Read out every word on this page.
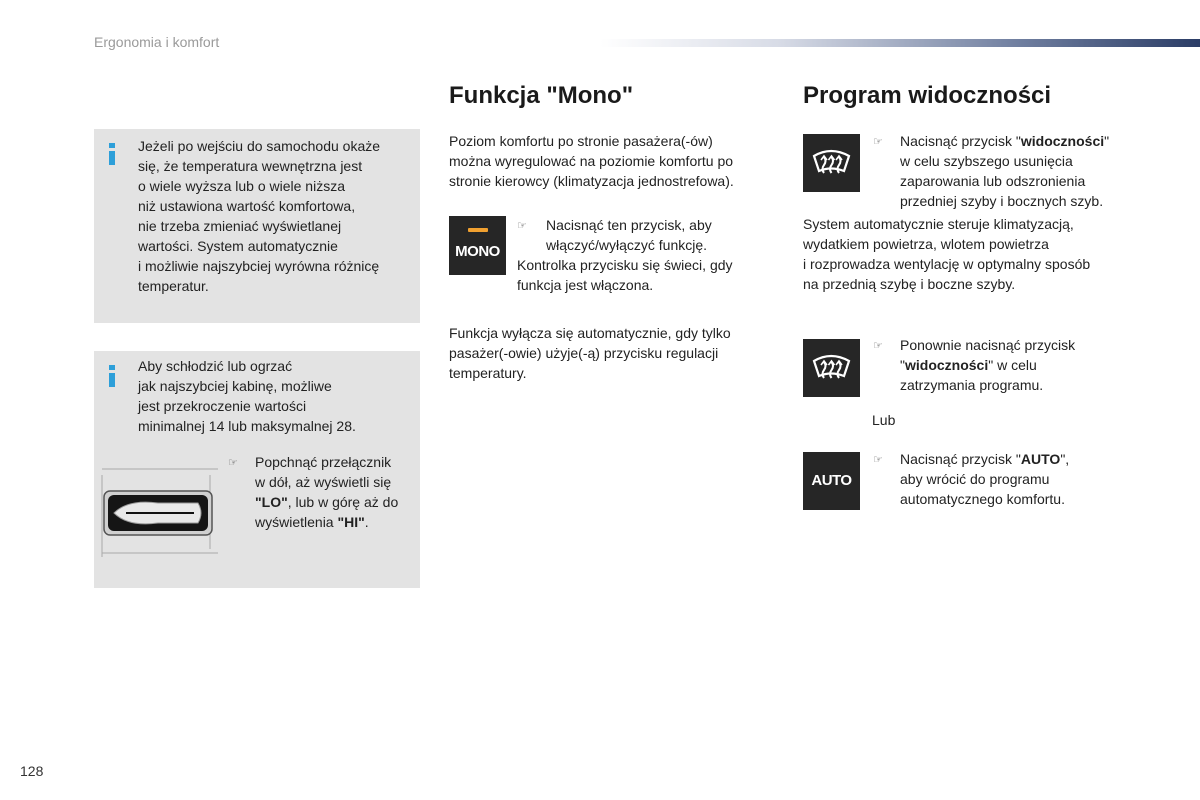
Ergonomia i komfort

Jeżeli po wejściu do samochodu okaże

się, że temperatura wewnętrzna jest

o wiele wyższa lub o wiele niższa

niż ustawiona wartość komfortowa,

nie trzeba zmieniać wyświetlanej

wartości. System automatycznie

i możliwie najszybciej wyrówna różnicę

temperatur.

Aby schłodzić lub ogrzać

jak najszybciej kabinę, możliwe

jest przekroczenie wartości

minimalnej 14 lub maksymalnej 28.

☞ Popchnąć przełącznik

w dół, aż wyświetli się

"LO", lub w górę aż do

wyświetlenia "HI".

Funkcja "Mono"

Poziom komfortu po stronie pasażera(-ów)

można wyregulować na poziomie komfortu po

stronie kierowcy (klimatyzacja jednostrefowa).

MONO
☞	Nacisnąć ten przycisk, aby

włączyć/wyłączyć funkcję.

Kontrolka przycisku się świeci, gdy

funkcja jest włączona.

Funkcja wyłącza się automatycznie, gdy tylko

pasażer(-owie) użyje(-ą) przycisku regulacji

temperatury.

Program widoczności
☞ Nacisnąć przycisk "widoczności"

w celu szybszego usunięcia

zaparowania lub odszronienia

przedniej szyby i bocznych szyb.

System automatycznie steruje klimatyzacją,

wydatkiem powietrza, wlotem powietrza

i rozprowadza wentylację w optymalny sposób

na przednią szybę i boczne szyby.

☞ Ponownie nacisnąć przycisk

"widoczności" w celu

zatrzymania programu.

Lub
AUTO
☞ Nacisnąć przycisk "AUTO",

aby wrócić do programu

automatycznego komfortu.

128
